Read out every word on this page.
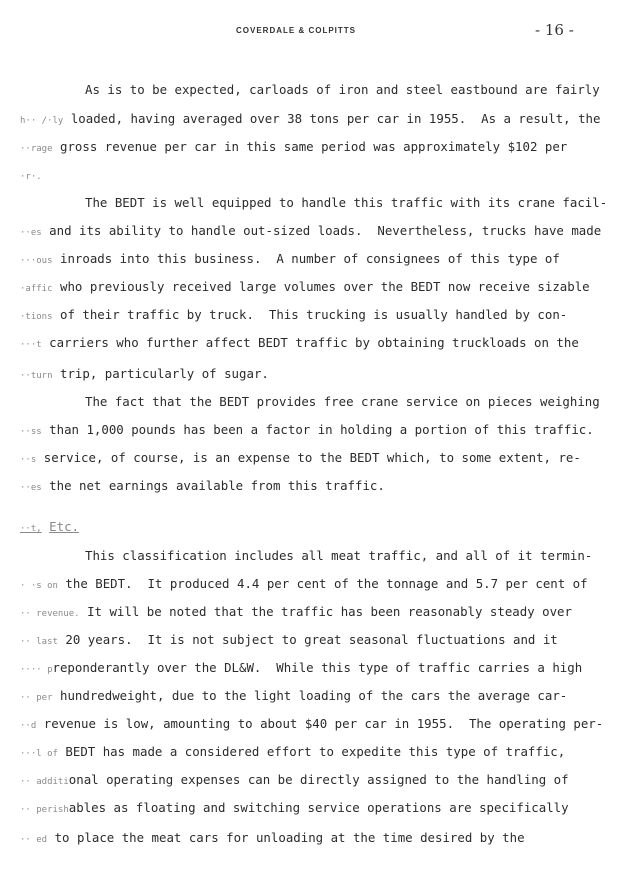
COVERDALE & COLPITTS	- 16 -
As is to be expected, carloads of iron and steel eastbound are fairly
h·· /·ly loaded, having averaged over 38 tons per car in 1955.  As a result, the
··rage gross revenue per car in this same period was approximately $102 per
·r·.
The BEDT is well equipped to handle this traffic with its crane facil-
··es and its ability to handle out-sized loads.  Nevertheless, trucks have made
···ous inroads into this business.  A number of consignees of this type of
·affic who previously received large volumes over the BEDT now receive sizable
·tions of their traffic by truck.  This trucking is usually handled by con-
···t carriers who further affect BEDT traffic by obtaining truckloads on the
··turn trip, particularly of sugar.
The fact that the BEDT provides free crane service on pieces weighing
··ss than 1,000 pounds has been a factor in holding a portion of this traffic.
··s service, of course, is an expense to the BEDT which, to some extent, re-
··es the net earnings available from this traffic.
··t, Etc.
This classification includes all meat traffic, and all of it termin-
· ·s on the BEDT.  It produced 4.4 per cent of the tonnage and 5.7 per cent of
·· revenue. It will be noted that the traffic has been reasonably steady over
·· last 20 years.  It is not subject to great seasonal fluctuations and it
···· preponderantly over the DL&W.  While this type of traffic carries a high
·· per hundredweight, due to the light loading of the cars the average car-
··d revenue is low, amounting to about $40 per car in 1955.  The operating per-
···l of BEDT has made a considered effort to expedite this type of traffic,
·· additional operating expenses can be directly assigned to the handling of
·· perishables as floating and switching service operations are specifically
·· ed to place the meat cars for unloading at the time desired by the
